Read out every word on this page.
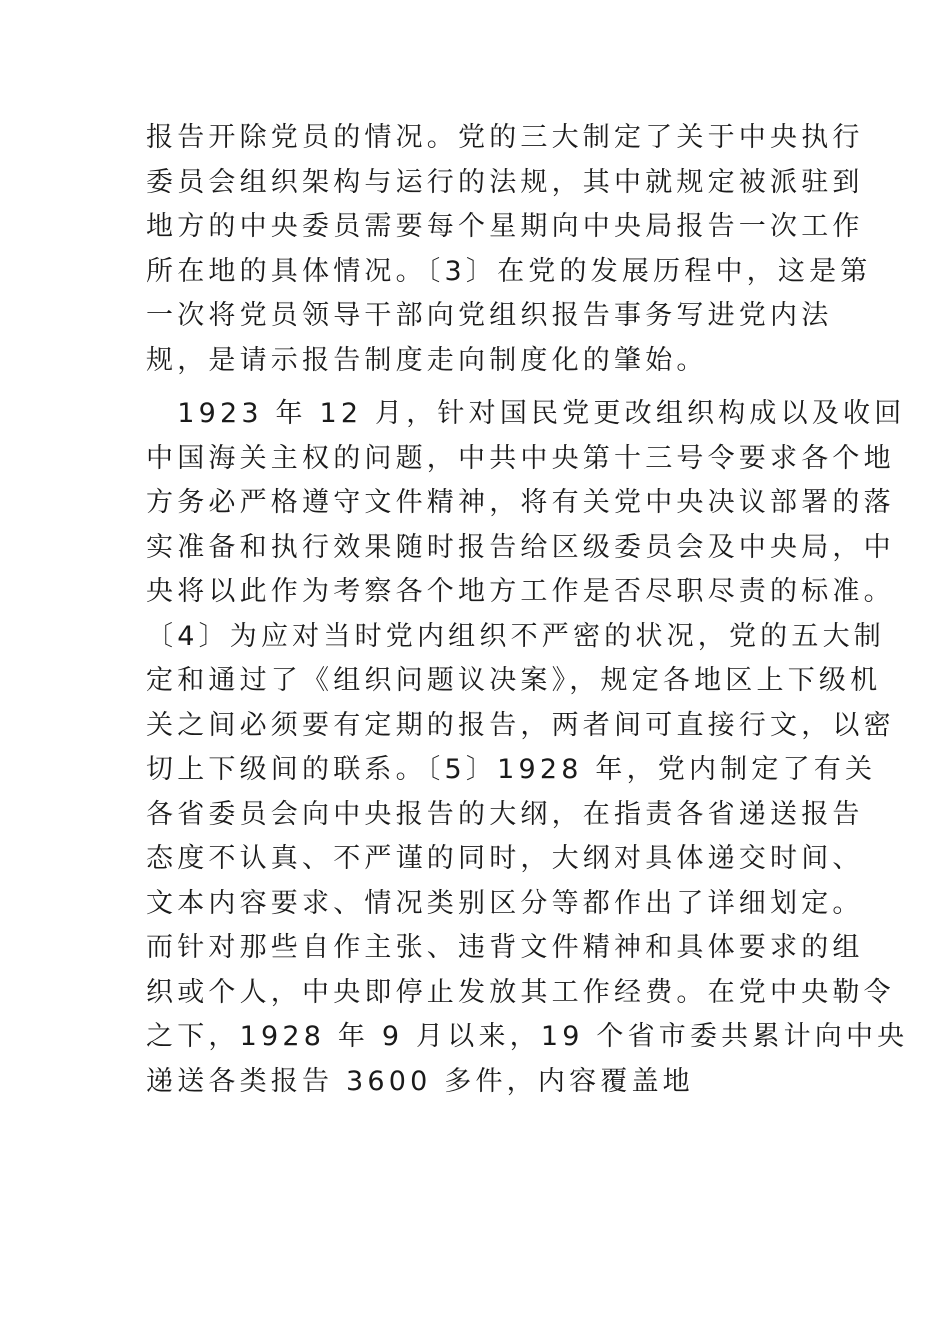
报告开除党员的情况。党的三大制定了关于中央执行
委员会组织架构与运行的法规，其中就规定被派驻到
地方的中央委员需要每个星期向中央局报告一次工作
所在地的具体情况。〔3〕在党的发展历程中，这是第
一次将党员领导干部向党组织报告事务写进党内法
规，是请示报告制度走向制度化的肇始。

　1923 年 12 月，针对国民党更改组织构成以及收回
中国海关主权的问题，中共中央第十三号令要求各个地
方务必严格遵守文件精神，将有关党中央决议部署的落
实准备和执行效果随时报告给区级委员会及中央局，中
央将以此作为考察各个地方工作是否尽职尽责的标准。
〔4〕为应对当时党内组织不严密的状况，党的五大制
定和通过了《组织问题议决案》，规定各地区上下级机
关之间必须要有定期的报告，两者间可直接行文，以密
切上下级间的联系。〔5〕1928 年，党内制定了有关
各省委员会向中央报告的大纲，在指责各省递送报告
态度不认真、不严谨的同时，大纲对具体递交时间、
文本内容要求、情况类别区分等都作出了详细划定。
而针对那些自作主张、违背文件精神和具体要求的组
织或个人，中央即停止发放其工作经费。在党中央勒令
之下，1928 年 9 月以来，19 个省市委共累计向中央
递送各类报告 3600 多件，内容覆盖地
